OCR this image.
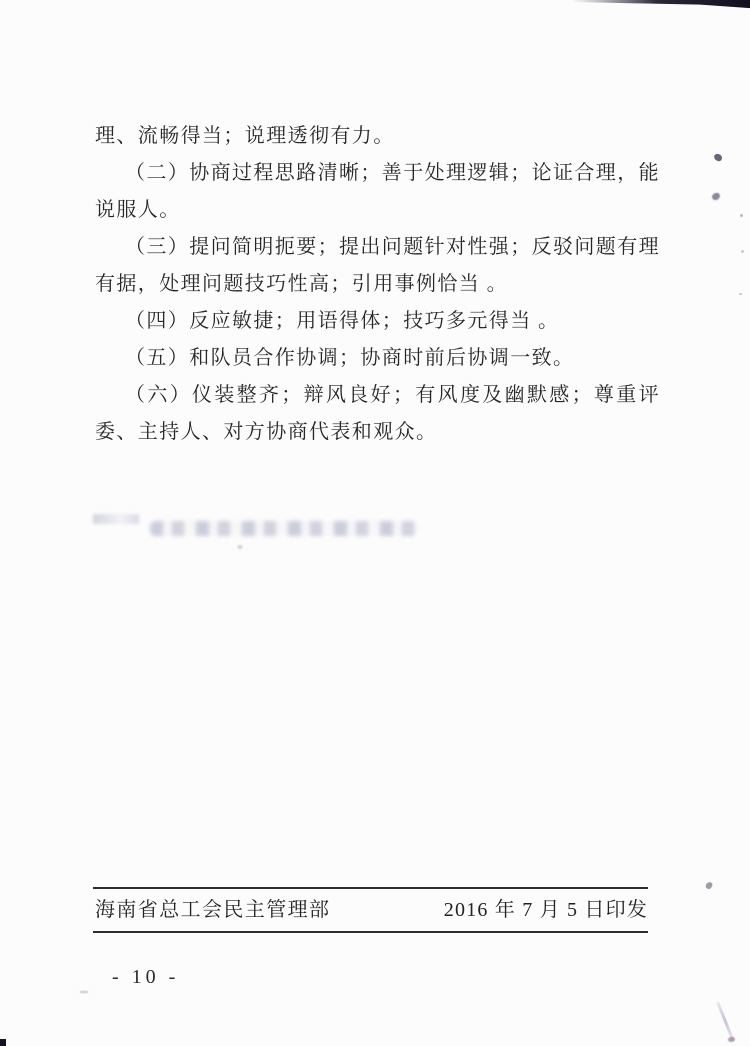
理、流畅得当；说理透彻有力。
（二）协商过程思路清晰；善于处理逻辑；论证合理，能
说服人。
（三）提问简明扼要；提出问题针对性强；反驳问题有理
有据，处理问题技巧性高；引用事例恰当 。
（四）反应敏捷；用语得体；技巧多元得当 。
（五）和队员合作协调；协商时前后协调一致。
（六）仪装整齐；辩风良好；有风度及幽默感；尊重评
委、主持人、对方协商代表和观众。
海南省总工会民主管理部	2016 年 7 月 5 日印发
- 10 -
